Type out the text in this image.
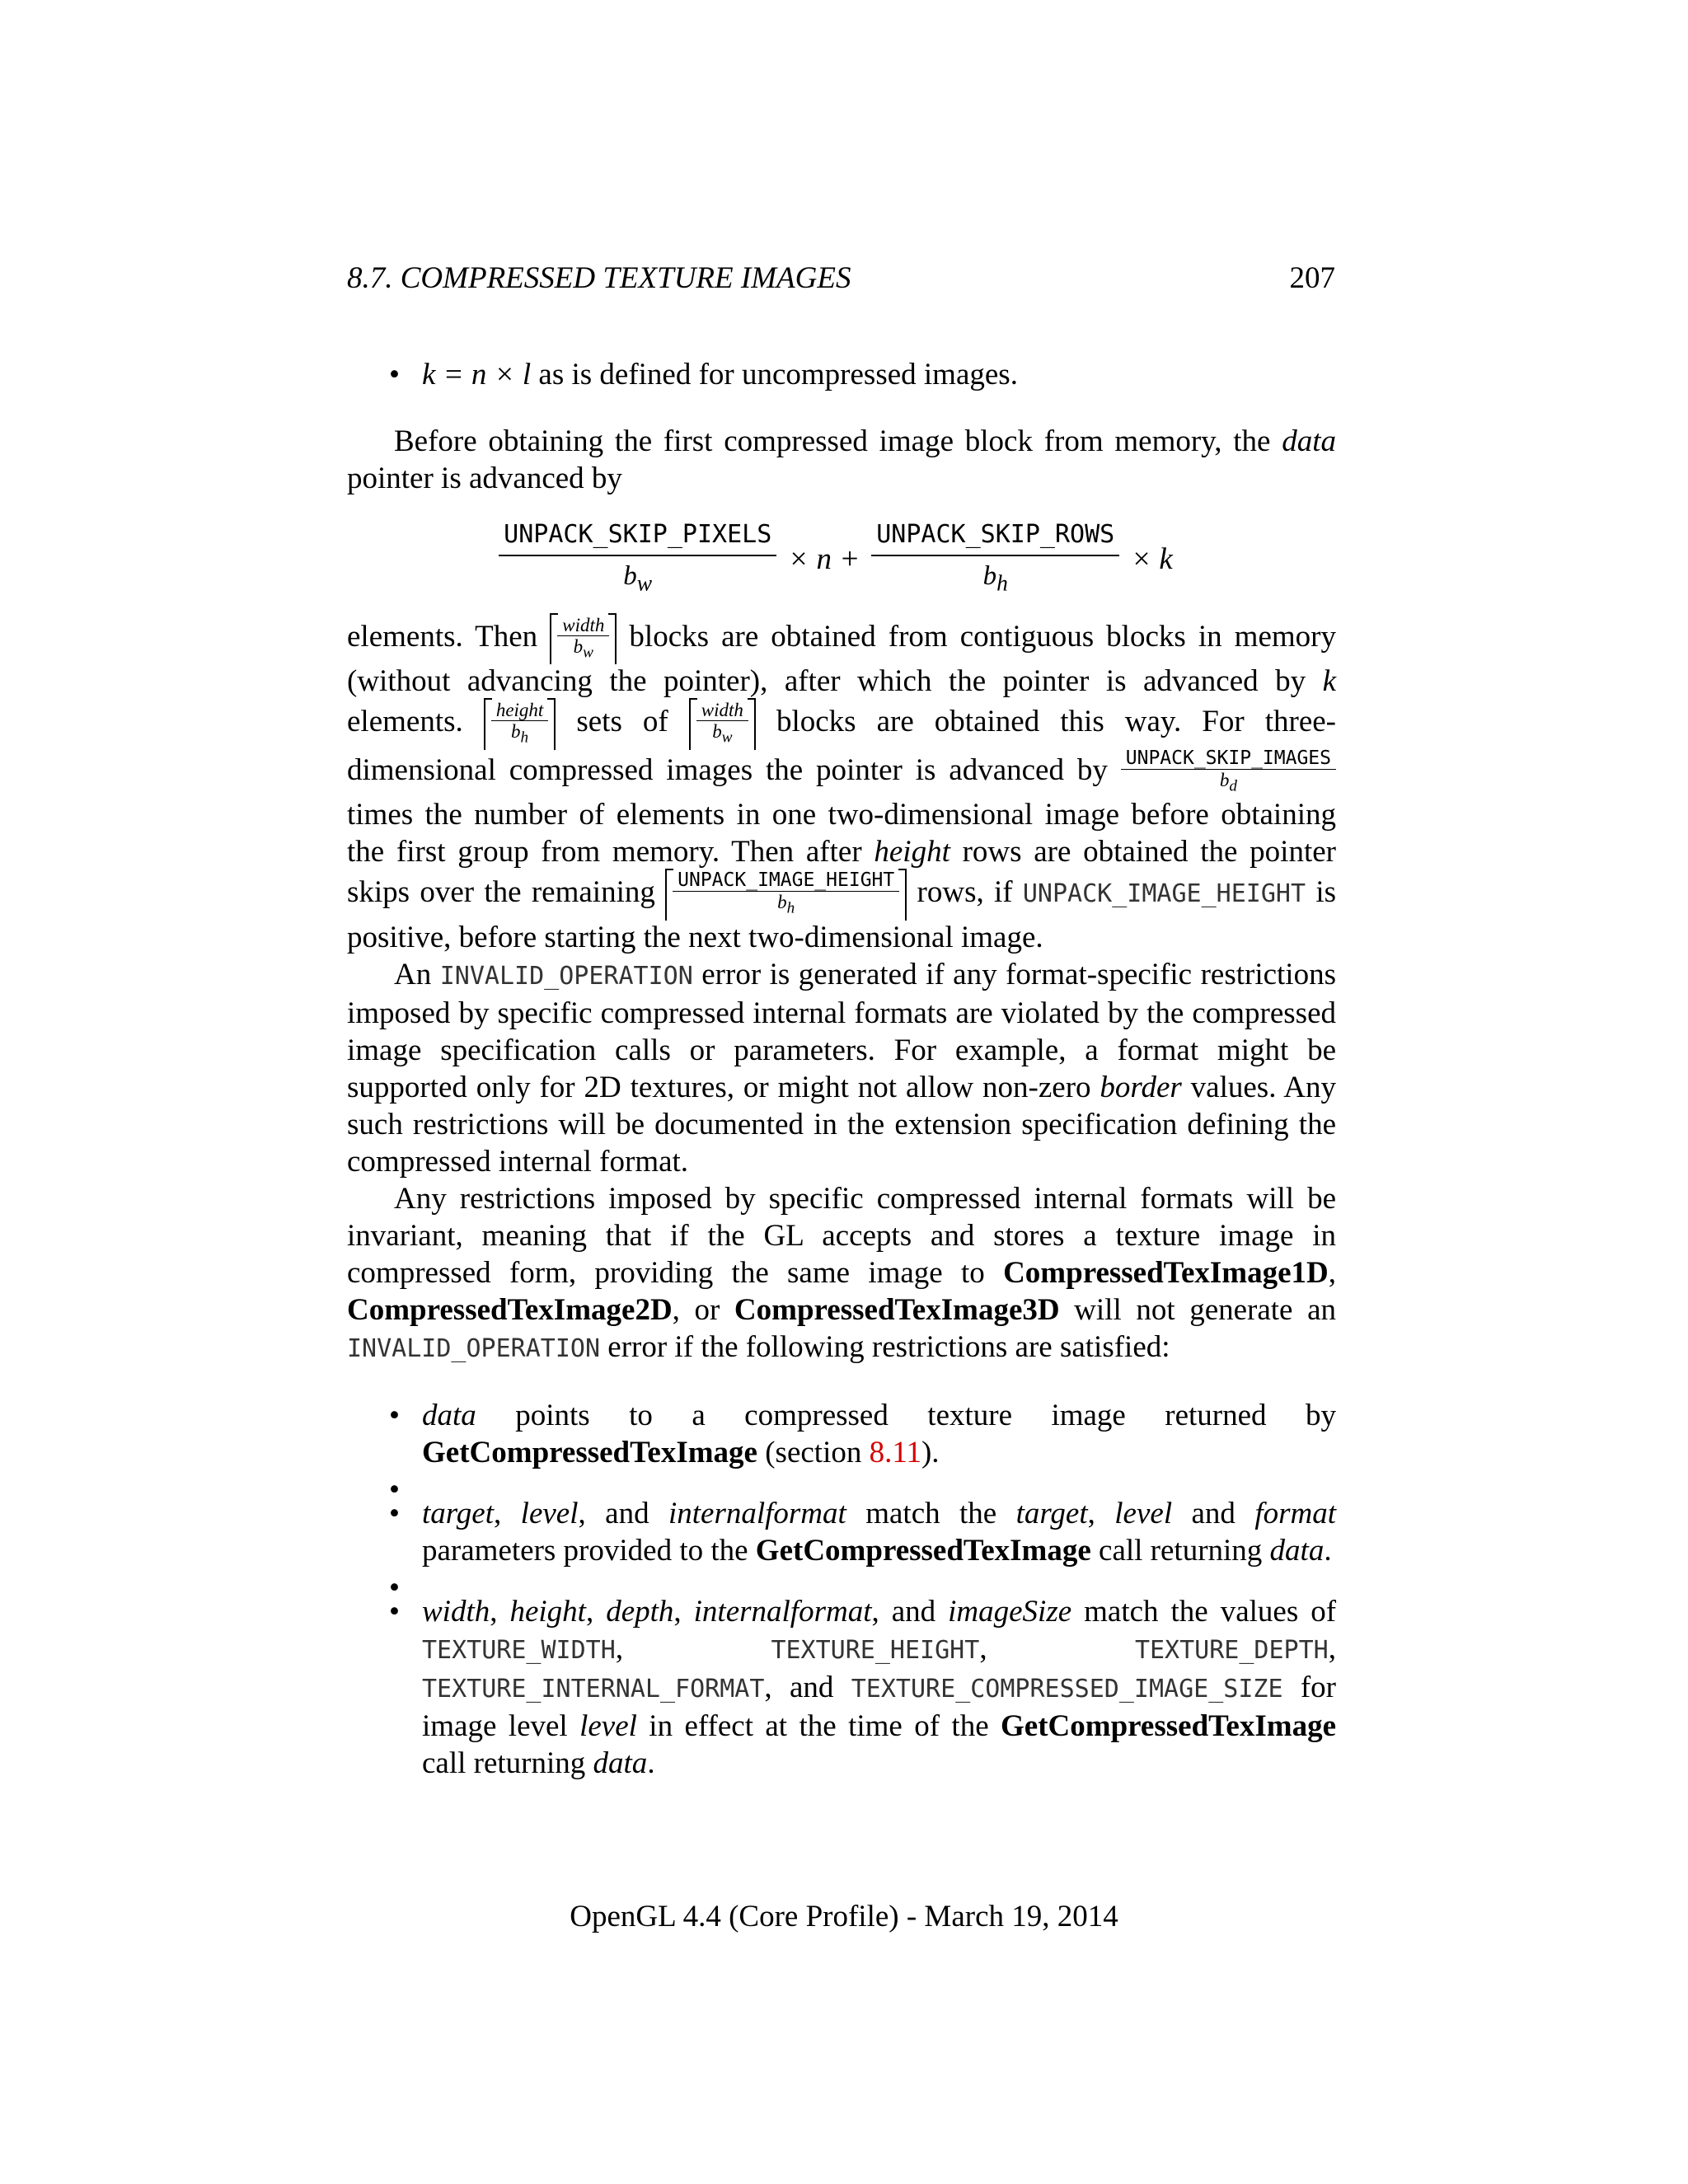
8.7. COMPRESSED TEXTURE IMAGES	207
• k = n × l as is defined for uncompressed images.

Before obtaining the first compressed image block from memory, the data pointer is advanced by

$\frac{\text{UNPACK\_SKIP\_PIXELS}}{b_w} \times n + \frac{\text{UNPACK\_SKIP\_ROWS}}{b_h} \times k$

elements. Then $\frac{\text{width}}{b_w}$ blocks are obtained from contiguous blocks in memory (without advancing the pointer), after which the pointer is advanced by k elements. $\frac{\text{height}}{b_h}$ sets of $\frac{\text{width}}{b_w}$ blocks are obtained this way. For three-dimensional compressed images the pointer is advanced by $\frac{\text{UNPACK\_SKIP\_IMAGES}}{b_d}$
times the number of elements in one two-dimensional image before obtaining the first group from memory. Then after height rows are obtained the pointer skips over the remaining $\frac{\text{UNPACK\_IMAGE\_HEIGHT}}{b_h}$ rows, if UNPACK_IMAGE_HEIGHT is positive, before starting the next two-dimensional image.

An INVALID_OPERATION error is generated if any format-specific restrictions imposed by specific compressed internal formats are violated by the compressed image specification calls or parameters. For example, a format might be supported only for 2D textures, or might not allow non-zero border values. Any such restrictions will be documented in the extension specification defining the compressed internal format.

Any restrictions imposed by specific compressed internal formats will be invariant, meaning that if the GL accepts and stores a texture image in compressed form, providing the same image to CompressedTexImage1D, CompressedTexImage2D, or CompressedTexImage3D will not generate an INVALID_OPERATION error if the following restrictions are satisfied:

• data points to a compressed texture image returned by GetCompressedTexImage (section 8.11).
•
• target, level, and internalformat match the target, level and format parameters provided to the GetCompressedTexImage call returning data.
•
• width, height, depth, internalformat, and imageSize match the values of TEXTURE_WIDTH, TEXTURE_HEIGHT, TEXTURE_DEPTH, TEXTURE_INTERNAL_FORMAT, and TEXTURE_COMPRESSED_IMAGE_SIZE for image level level in effect at the time of the GetCompressedTexImage call returning data.
OpenGL 4.4 (Core Profile) - March 19, 2014
